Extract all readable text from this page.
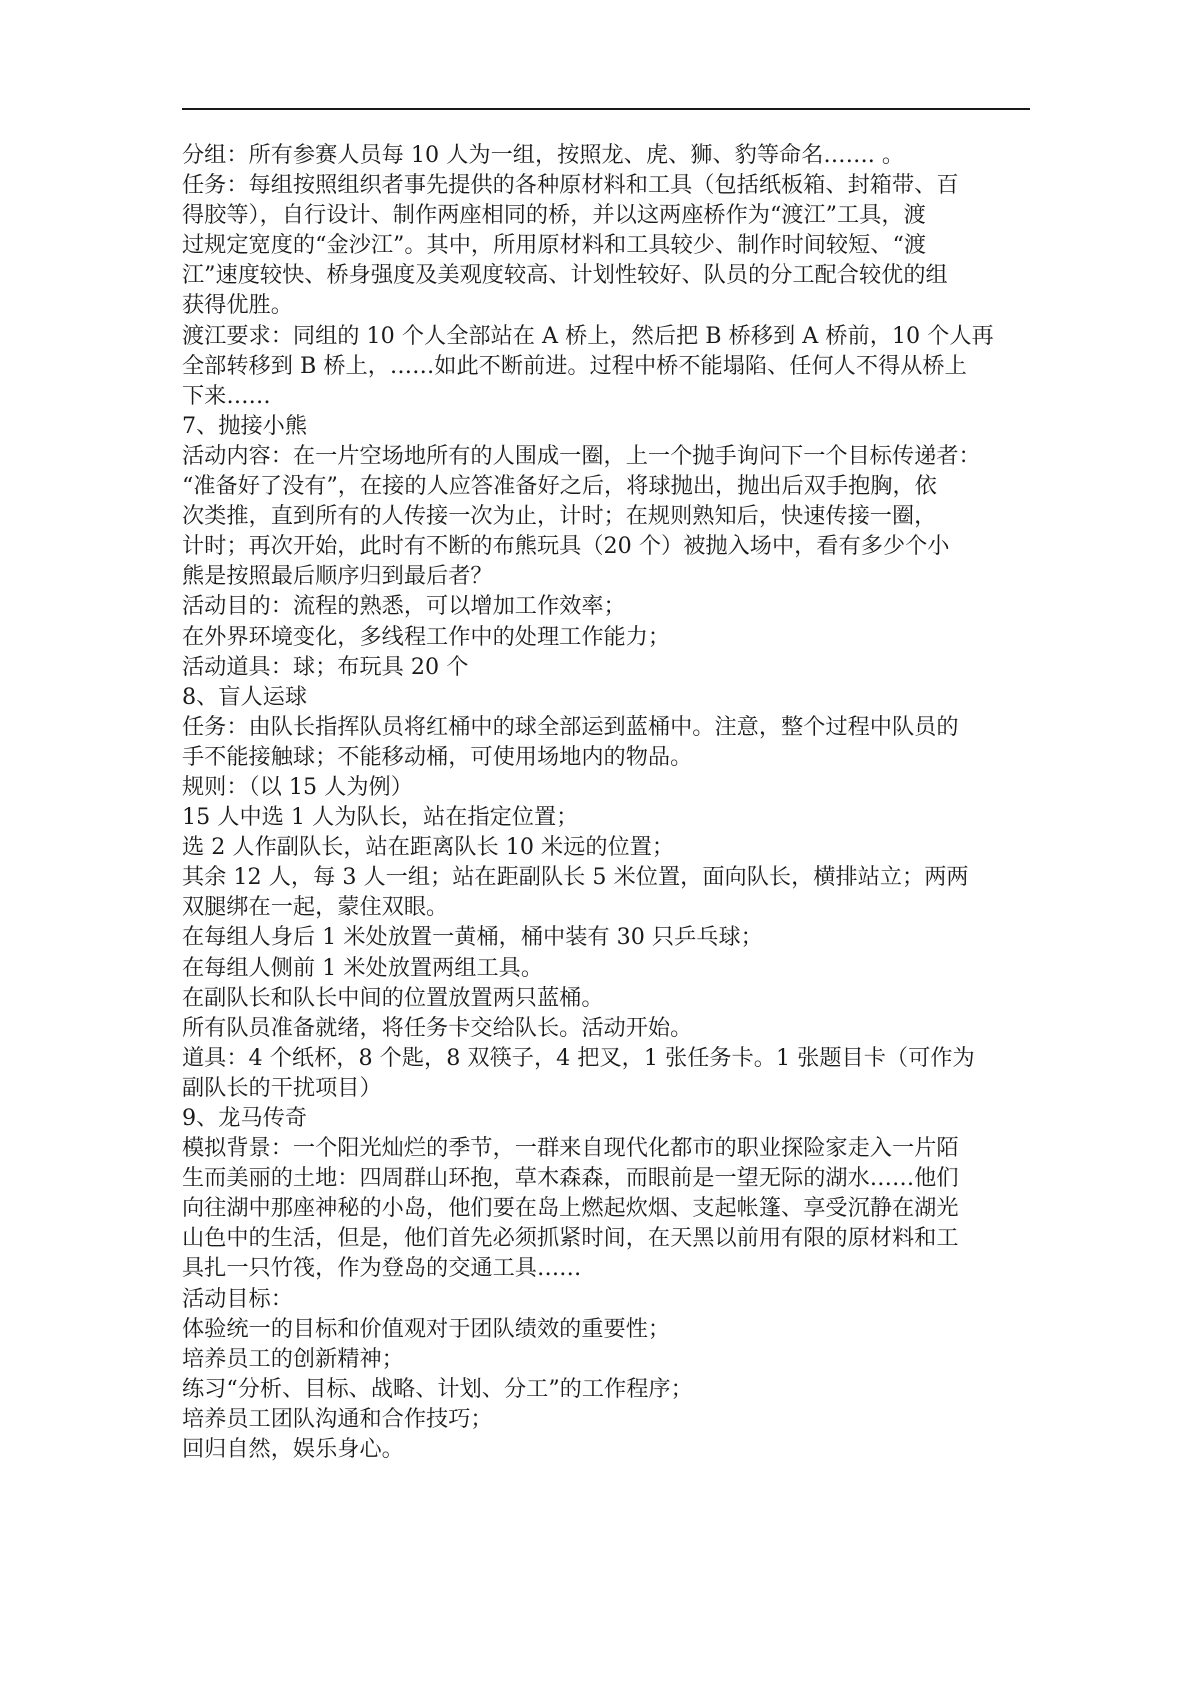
分组：所有参赛人员每 10 人为一组，按照龙、虎、狮、豹等命名……. 。
任务：每组按照组织者事先提供的各种原材料和工具（包括纸板箱、封箱带、百
得胶等），自行设计、制作两座相同的桥，并以这两座桥作为“渡江”工具，渡
过规定宽度的“金沙江”。其中，所用原材料和工具较少、制作时间较短、“渡
江”速度较快、桥身强度及美观度较高、计划性较好、队员的分工配合较优的组
获得优胜。
渡江要求：同组的 10 个人全部站在 A 桥上，然后把 B 桥移到 A 桥前，10 个人再
全部转移到 B 桥上，……如此不断前进。过程中桥不能塌陷、任何人不得从桥上
下来……
7、抛接小熊
活动内容：在一片空场地所有的人围成一圈，上一个抛手询问下一个目标传递者：
“准备好了没有”，在接的人应答准备好之后，将球抛出，抛出后双手抱胸，依
次类推，直到所有的人传接一次为止，计时；在规则熟知后，快速传接一圈，
计时；再次开始，此时有不断的布熊玩具（20 个）被抛入场中，看有多少个小
熊是按照最后顺序归到最后者？
活动目的：流程的熟悉，可以增加工作效率；
在外界环境变化，多线程工作中的处理工作能力；
活动道具：球；布玩具 20 个
8、盲人运球
任务：由队长指挥队员将红桶中的球全部运到蓝桶中。注意，整个过程中队员的
手不能接触球；不能移动桶，可使用场地内的物品。
规则：（以 15 人为例）
15 人中选 1 人为队长，站在指定位置；
选 2 人作副队长，站在距离队长 10 米远的位置；
其余 12 人，每 3 人一组；站在距副队长 5 米位置，面向队长，横排站立；两两
双腿绑在一起，蒙住双眼。
在每组人身后 1 米处放置一黄桶，桶中装有 30 只乒乓球；
在每组人侧前 1 米处放置两组工具。
在副队长和队长中间的位置放置两只蓝桶。
所有队员准备就绪，将任务卡交给队长。活动开始。
道具：4 个纸杯，8 个匙，8 双筷子，4 把叉，1 张任务卡。1 张题目卡（可作为
副队长的干扰项目）
9、龙马传奇
模拟背景：一个阳光灿烂的季节，一群来自现代化都市的职业探险家走入一片陌
生而美丽的土地：四周群山环抱，草木森森，而眼前是一望无际的湖水……他们
向往湖中那座神秘的小岛，他们要在岛上燃起炊烟、支起帐篷、享受沉静在湖光
山色中的生活，但是，他们首先必须抓紧时间，在天黑以前用有限的原材料和工
具扎一只竹筏，作为登岛的交通工具……
活动目标：
体验统一的目标和价值观对于团队绩效的重要性；
培养员工的创新精神；
练习“分析、目标、战略、计划、分工”的工作程序；
培养员工团队沟通和合作技巧；
回归自然，娱乐身心。
